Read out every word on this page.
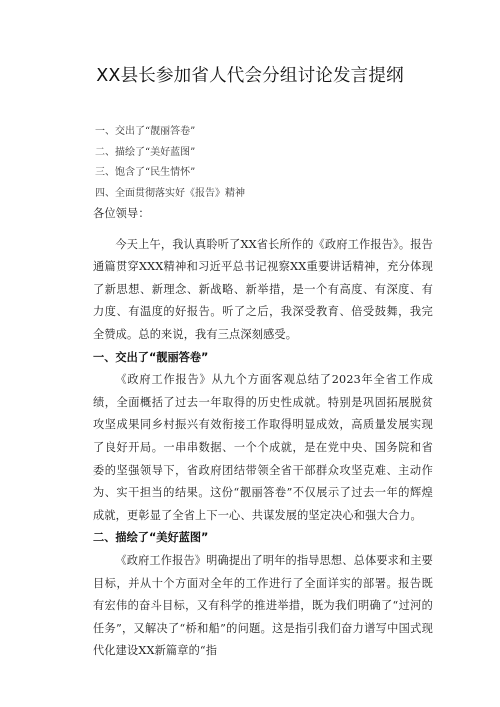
XX县长参加省人代会分组讨论发言提纲
一、交出了“靓丽答卷”
二、描绘了“美好蓝图”
三、饱含了“民生情怀”
四、全面贯彻落实好《报告》精神

各位领导：

今天上午，我认真聆听了XX省长所作的《政府工作报告》。报告通篇贯穿XXX精神和习近平总书记视察XX重要讲话精神，充分体现了新思想、新理念、新战略、新举措，是一个有高度、有深度、有力度、有温度的好报告。听了之后，我深受教育、倍受鼓舞，我完全赞成。总的来说，我有三点深刻感受。

一、交出了“靓丽答卷”

《政府工作报告》从九个方面客观总结了2023年全省工作成绩，全面概括了过去一年取得的历史性成就。特别是巩固拓展脱贫攻坚成果同乡村振兴有效衔接工作取得明显成效，高质量发展实现了良好开局。一串串数据、一个个成就，是在党中央、国务院和省委的坚强领导下，省政府团结带领全省干部群众攻坚克难、主动作为、实干担当的结果。这份“靓丽答卷”不仅展示了过去一年的辉煌成就，更彰显了全省上下一心、共谋发展的坚定决心和强大合力。

二、描绘了“美好蓝图”

《政府工作报告》明确提出了明年的指导思想、总体要求和主要目标，并从十个方面对全年的工作进行了全面详实的部署。报告既有宏伟的奋斗目标，又有科学的推进举措，既为我们明确了“过河的任务”，又解决了“桥和船”的问题。这是指引我们奋力谱写中国式现代化建设XX新篇章的“指
